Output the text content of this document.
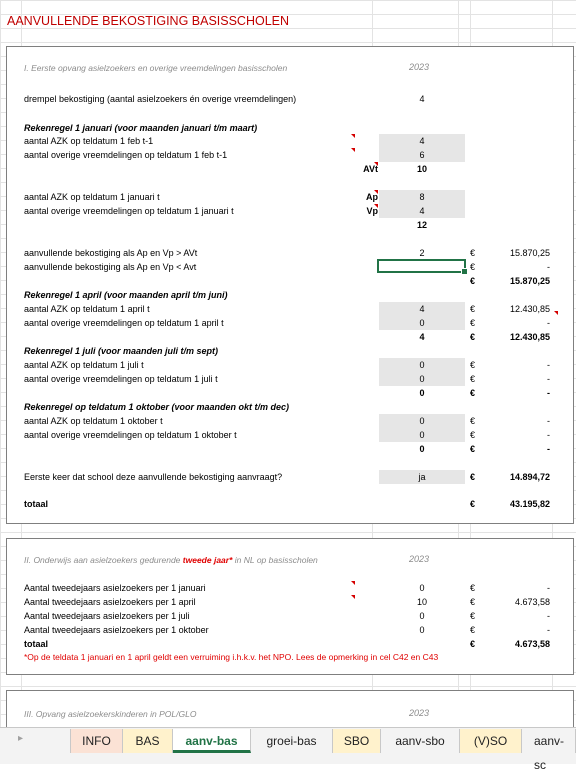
AANVULLENDE BEKOSTIGING BASISSCHOLEN
I. Eerste opvang asielzoekers en overige vreemdelingen basisscholen	2023
drempel bekostiging (aantal asielzoekers én overige vreemdelingen)	4
Rekenregel 1 januari (voor maanden januari t/m maart)
aantal AZK op teldatum 1 feb t-1	4
aantal overige vreemdelingen op teldatum 1 feb t-1	6
AVt	10
aantal AZK op teldatum 1 januari t	Ap	8
aantal overige vreemdelingen op teldatum 1 januari t	Vp	4
12
aanvullende bekostiging als Ap en Vp > AVt	2	€	15.870,25
aanvullende bekostiging als Ap en Vp < Avt	€	-
€	15.870,25
Rekenregel 1 april (voor maanden april t/m juni)
aantal AZK op teldatum 1 april t	4	€	12.430,85
aantal overige vreemdelingen op teldatum 1 april t	0	€	-
4	€	12.430,85
Rekenregel 1 juli (voor maanden juli t/m sept)
aantal AZK op teldatum 1 juli t	0	€	-
aantal overige vreemdelingen op teldatum 1 juli t	0	€	-
0	€	-
Rekenregel op teldatum 1 oktober (voor maanden okt t/m dec)
aantal AZK op teldatum 1 oktober t	0	€	-
aantal overige vreemdelingen op teldatum 1 oktober t	0	€	-
0	€	-
Eerste keer dat school deze aanvullende bekostiging aanvraagt?	ja	€	14.894,72
totaal	€	43.195,82
II. Onderwijs aan asielzoekers gedurende tweede jaar* in NL op basisscholen	2023
Aantal tweedejaars asielzoekers per 1 januari	0	€	-
Aantal tweedejaars asielzoekers per 1 april	10	€	4.673,58
Aantal tweedejaars asielzoekers per 1 juli	0	€	-
Aantal tweedejaars asielzoekers per 1 oktober	0	€	-
totaal	€	4.673,58
*Op de teldata 1 januari en 1 april geldt een verruiming i.h.k.v. het NPO. Lees de opmerking in cel C42 en C43
III. Opvang asielzoekerskinderen in POL/GLO	2023
▸	INFO	BAS	aanv-bas	groei-bas	SBO	aanv-sbo	(V)SO	aanv-sc
